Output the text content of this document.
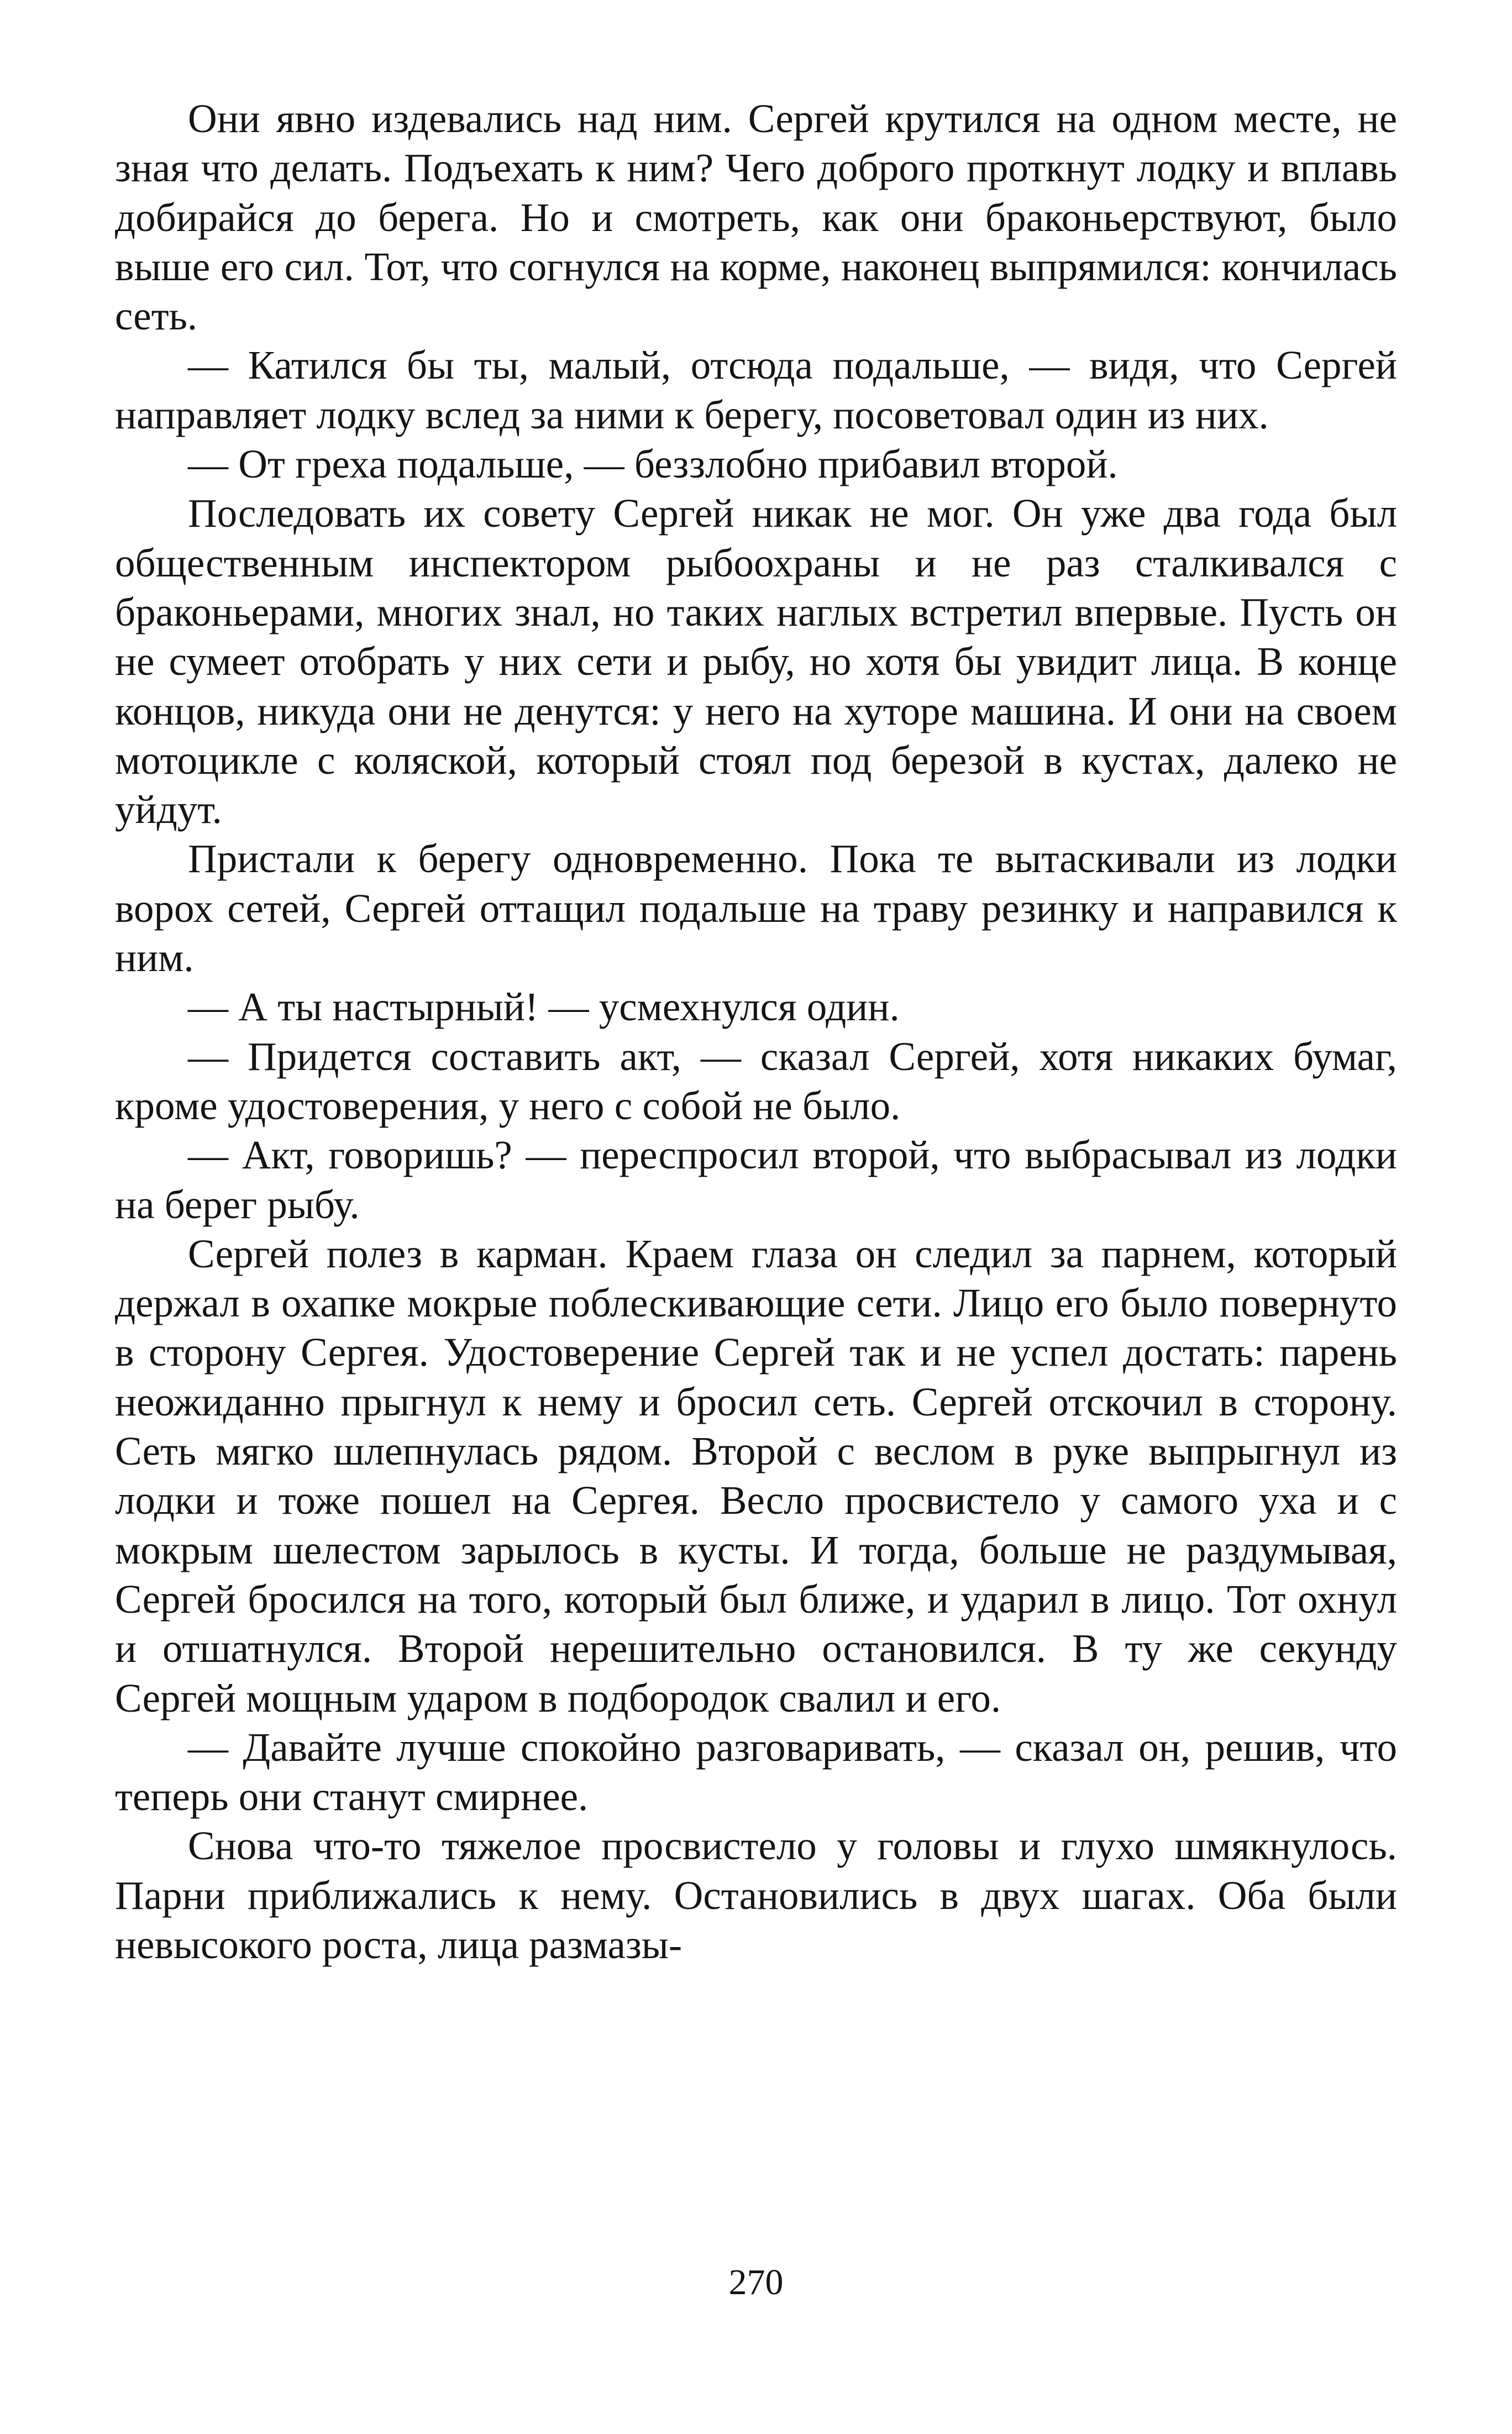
Они явно издевались над ним. Сергей крутился на одном месте, не зная что делать. Подъехать к ним? Чего доброго проткнут лодку и вплавь добирайся до берега. Но и смотреть, как они браконьерствуют, было выше его сил. Тот, что согнулся на корме, наконец выпрямился: кончилась сеть.

— Катился бы ты, малый, отсюда подальше, — видя, что Сергей направляет лодку вслед за ними к берегу, посоветовал один из них.

— От греха подальше, — беззлобно прибавил второй.

Последовать их совету Сергей никак не мог. Он уже два года был общественным инспектором рыбоохраны и не раз сталкивался с браконьерами, многих знал, но таких наглых встретил впервые. Пусть он не сумеет отобрать у них сети и рыбу, но хотя бы увидит лица. В конце концов, никуда они не денутся: у него на хуторе машина. И они на своем мотоцикле с коляской, который стоял под березой в кустах, далеко не уйдут.

Пристали к берегу одновременно. Пока те вытаскивали из лодки ворох сетей, Сергей оттащил подальше на траву резинку и направился к ним.

— А ты настырный! — усмехнулся один.

— Придется составить акт, — сказал Сергей, хотя никаких бумаг, кроме удостоверения, у него с собой не было.

— Акт, говоришь? — переспросил второй, что выбрасывал из лодки на берег рыбу.

Сергей полез в карман. Краем глаза он следил за парнем, который держал в охапке мокрые поблескивающие сети. Лицо его было повернуто в сторону Сергея. Удостоверение Сергей так и не успел достать: парень неожиданно прыгнул к нему и бросил сеть. Сергей отскочил в сторону. Сеть мягко шлепнулась рядом. Второй с веслом в руке выпрыгнул из лодки и тоже пошел на Сергея. Весло просвистело у самого уха и с мокрым шелестом зарылось в кусты. И тогда, больше не раздумывая, Сергей бросился на того, который был ближе, и ударил в лицо. Тот охнул и отшатнулся. Второй нерешительно остановился. В ту же секунду Сергей мощным ударом в подбородок свалил и его.

— Давайте лучше спокойно разговаривать, — сказал он, решив, что теперь они станут смирнее.

Снова что-то тяжелое просвистело у головы и глухо шмякнулось. Парни приближались к нему. Остановились в двух шагах. Оба были невысокого роста, лица размазы-

270
